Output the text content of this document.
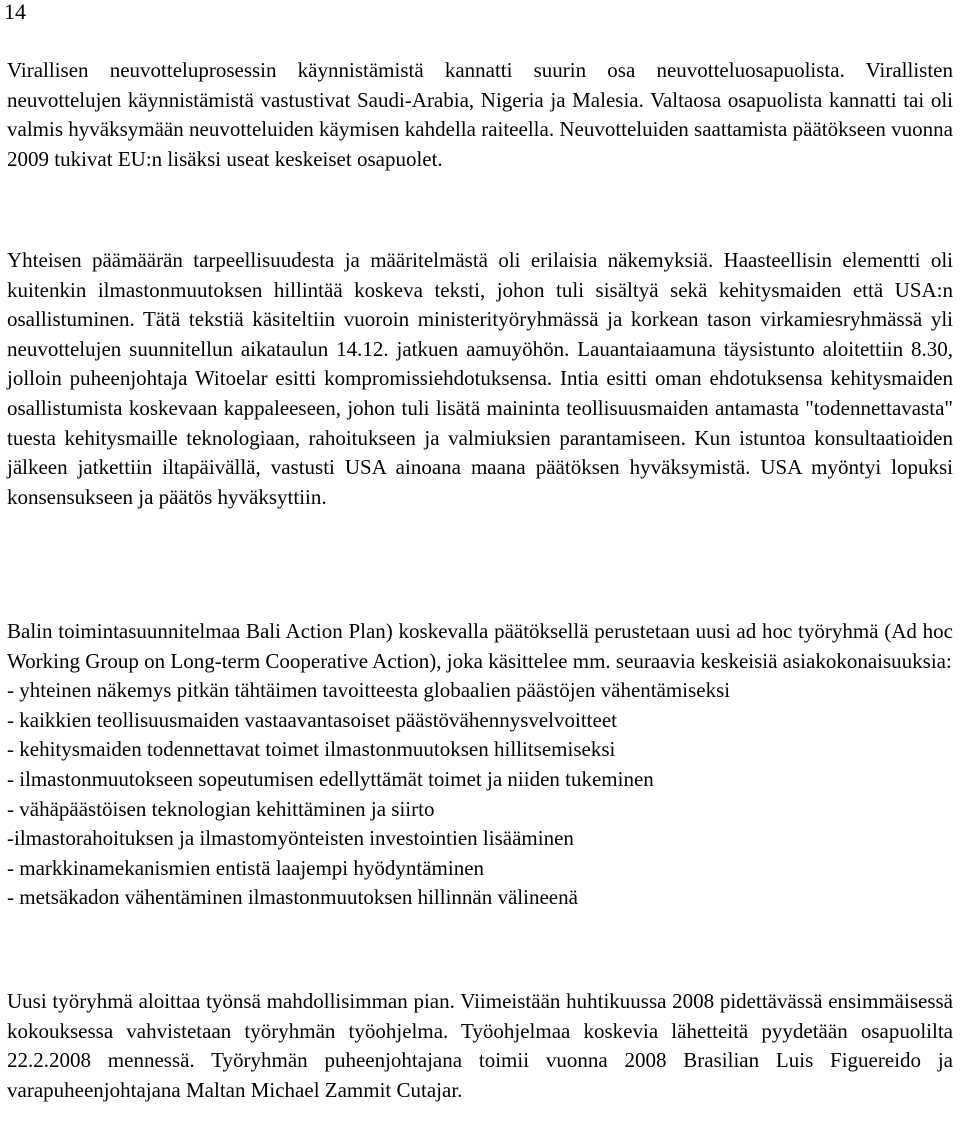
14

Virallisen neuvotteluprosessin käynnistämistä kannatti suurin osa neuvotteluosapuolista. Virallisten neuvottelujen käynnistämistä vastustivat Saudi-Arabia, Nigeria ja Malesia. Valtaosa osapuolista kannatti tai oli valmis hyväksymään neuvotteluiden käymisen kahdella raiteella. Neuvotteluiden saattamista päätökseen vuonna 2009 tukivat EU:n lisäksi useat keskeiset osapuolet.

Yhteisen päämäärän tarpeellisuudesta ja määritelmästä oli erilaisia näkemyksiä. Haasteellisin elementti oli kuitenkin ilmastonmuutoksen hillintää koskeva teksti, johon tuli sisältyä sekä kehitysmaiden että USA:n osallistuminen. Tätä tekstiä käsiteltiin vuoroin ministerityöryhmässä ja korkean tason virkamiesryhmässä yli neuvottelujen suunnitellun aikataulun 14.12. jatkuen aamuyöhön. Lauantaiaamuna täysistunto aloitettiin 8.30, jolloin puheenjohtaja Witoelar esitti kompromissiehdotuksensa. Intia esitti oman ehdotuksensa kehitysmaiden osallistumista koskevaan kappaleeseen, johon tuli lisätä maininta teollisuusmaiden antamasta "todennettavasta" tuesta kehitysmaille teknologiaan, rahoitukseen ja valmiuksien parantamiseen. Kun istuntoa konsultaatioiden jälkeen jatkettiin iltapäivällä, vastusti USA ainoana maana päätöksen hyväksymistä. USA myöntyi lopuksi konsensukseen ja päätös hyväksyttiin.

Balin toimintasuunnitelmaa Bali Action Plan) koskevalla päätöksellä perustetaan uusi ad hoc työryhmä (Ad hoc Working Group on Long-term Cooperative Action), joka käsittelee mm. seuraavia keskeisiä asiakokonaisuuksia:

- yhteinen näkemys pitkän tähtäimen tavoitteesta globaalien päästöjen vähentämiseksi
- kaikkien teollisuusmaiden vastaavantasoiset päästövähennysvelvoitteet
- kehitysmaiden todennettavat toimet ilmastonmuutoksen hillitsemiseksi
- ilmastonmuutokseen sopeutumisen edellyttämät toimet ja niiden tukeminen
- vähäpäästöisen teknologian kehittäminen ja siirto
-ilmastorahoituksen ja ilmastomyönteisten investointien lisääminen
- markkinamekanismien entistä laajempi hyödyntäminen
- metsäkadon vähentäminen ilmastonmuutoksen hillinnän välineenä

Uusi työryhmä aloittaa työnsä mahdollisimman pian. Viimeistään huhtikuussa 2008 pidettävässä ensimmäisessä kokouksessa vahvistetaan työryhmän työohjelma. Työohjelmaa koskevia lähetteitä pyydetään osapuolilta 22.2.2008 mennessä. Työryhmän puheenjohtajana toimii vuonna 2008 Brasilian Luis Figuereido ja varapuheenjohtajana Maltan Michael Zammit Cutajar.
